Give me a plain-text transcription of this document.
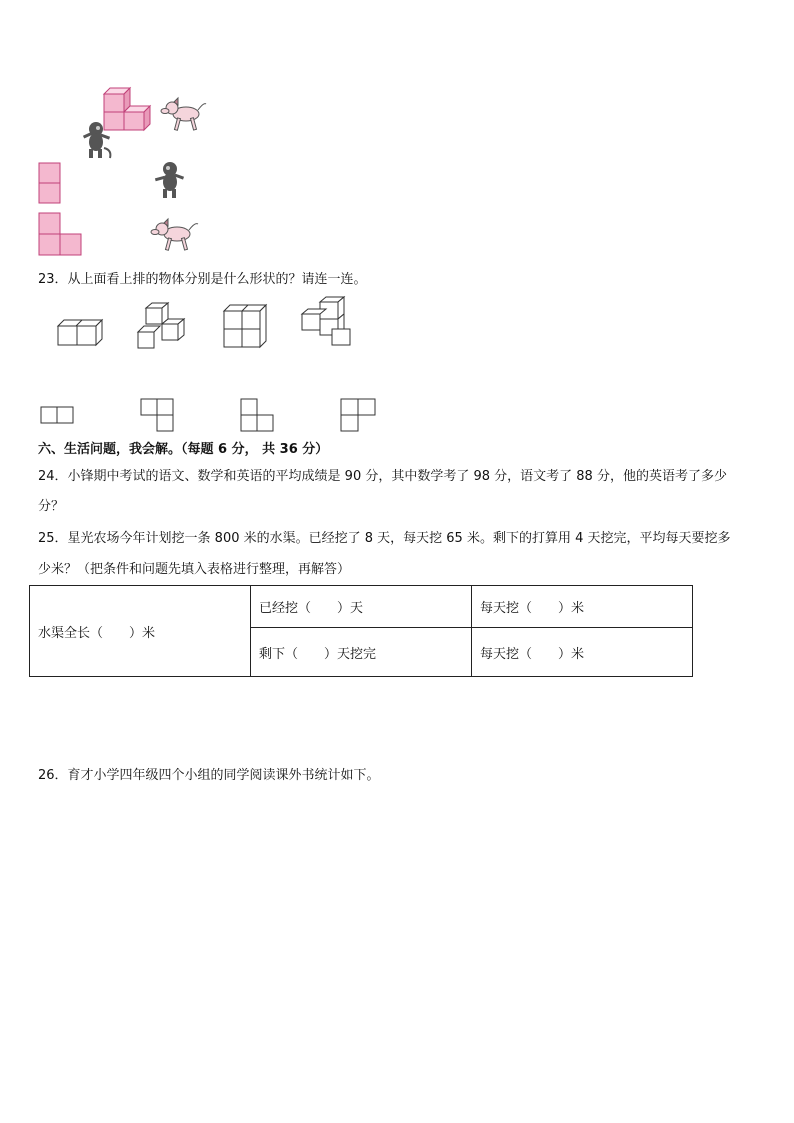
23．从上面看上排的物体分别是什么形状的？请连一连。
六、生活问题，我会解。（每题 6 分， 共 36 分）
24．小锋期中考试的语文、数学和英语的平均成绩是 90 分，其中数学考了 98 分，语文考了 88 分，他的英语考了多少
分？
25．星光农场今年计划挖一条 800 米的水渠。已经挖了 8 天，每天挖 65 米。剩下的打算用 4 天挖完，平均每天要挖多
少米？（把条件和问题先填入表格进行整理，再解答）
水渠全长（　　）米	已经挖（　　）天	每天挖（　　）米
	剩下（　　）天挖完	每天挖（　　）米
26．育才小学四年级四个小组的同学阅读课外书统计如下。
